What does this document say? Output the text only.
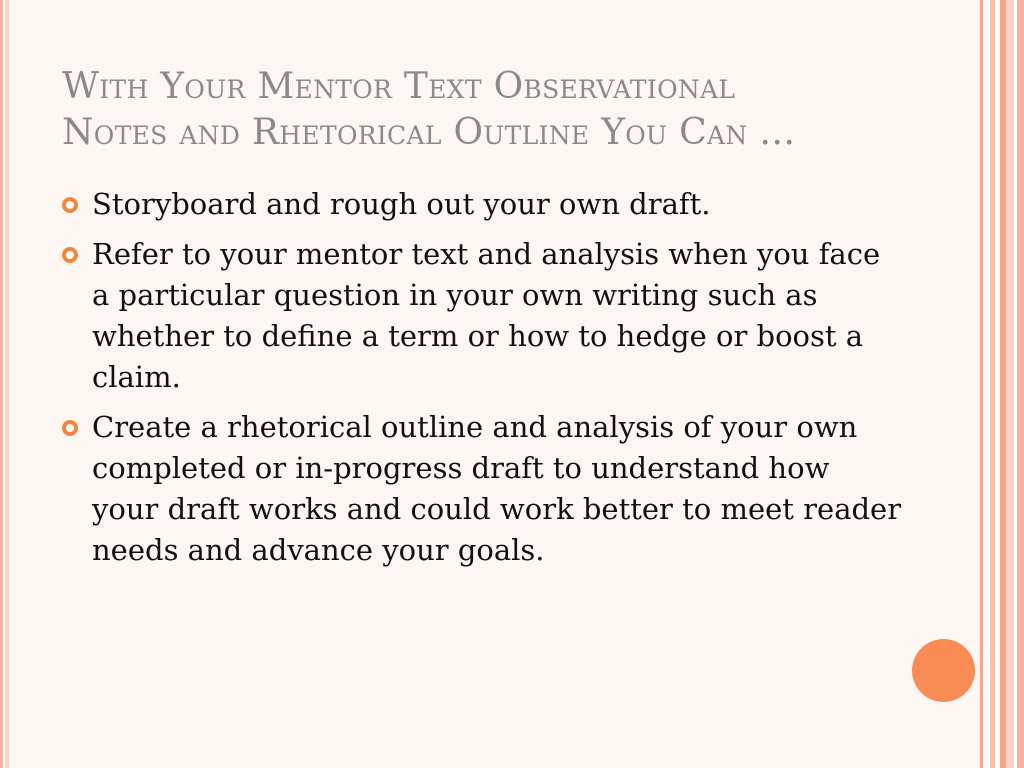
With Your Mentor Text Observational
Notes and Rhetorical Outline You Can …
Storyboard and rough out your own draft.
Refer to your mentor text and analysis when you face a particular question in your own writing such as whether to define a term or how to hedge or boost a claim.
Create a rhetorical outline and analysis of your own completed or in-progress draft to understand how your draft works and could work better to meet reader needs and advance your goals.
